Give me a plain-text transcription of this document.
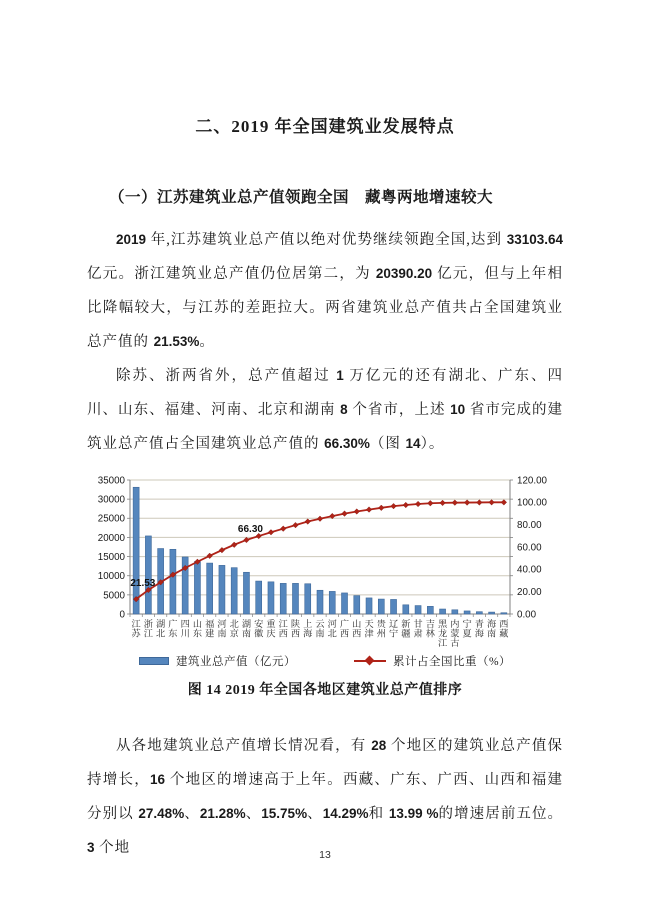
二、2019 年全国建筑业发展特点
（一）江苏建筑业总产值领跑全国　藏粤两地增速较大

2019 年,江苏建筑业总产值以绝对优势继续领跑全国,达到 33103.64 亿元。浙江建筑业总产值仍位居第二，为 20390.20 亿元，但与上年相比降幅较大，与江苏的差距拉大。两省建筑业总产值共占全国建筑业总产值的 21.53%。

除苏、浙两省外，总产值超过 1 万亿元的还有湖北、广东、四川、山东、福建、河南、北京和湖南 8 个省市，上述 10 省市完成的建筑业总产值占全国建筑业总产值的 66.30%（图 14）。

0
5000
10000
15000
20000
25000
30000
35000
0.00
20.00
40.00
60.00
80.00
100.00
120.00
21.53
66.30
江苏
浙江
湖北
广东
四川
山东
福建
河南
北京
湖南
安徽
重庆
江西
陕西
上海
云南
河北
广西
山西
天津
贵州
辽宁
新疆
甘肃
吉林
黑龙江
内蒙古
宁夏
青海
海南
西藏
建筑业总产值（亿元）	累计占全国比重（%）
图 14 2019 年全国各地区建筑业总产值排序

从各地建筑业总产值增长情况看，有 28 个地区的建筑业总产值保持增长，16 个地区的增速高于上年。西藏、广东、广西、山西和福建分别以 27.48%、21.28%、15.75%、14.29%和 13.99 %的增速居前五位。3 个地	13
